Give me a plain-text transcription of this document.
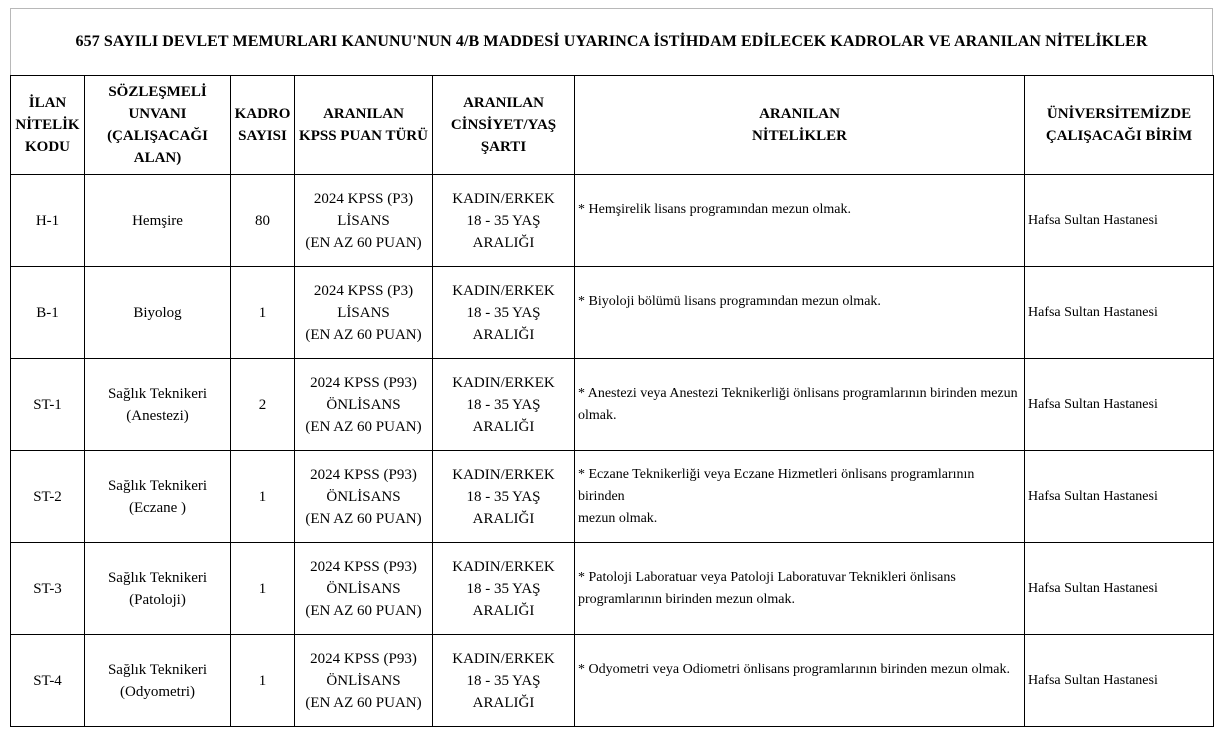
657 SAYILI DEVLET MEMURLARI KANUNU'NUN 4/B MADDESİ UYARINCA İSTİHDAM EDİLECEK KADROLAR VE ARANILAN NİTELİKLER
İLAN
NİTELİK
KODU	SÖZLEŞMELİ
UNVANI
(ÇALIŞACAĞI
ALAN)	KADRO
SAYISI	ARANILAN
KPSS PUAN TÜRÜ	ARANILAN
CİNSİYET/YAŞ
ŞARTI	ARANILAN
NİTELİKLER	ÜNİVERSİTEMİZDE
ÇALIŞACAĞI BİRİM

H-1	Hemşire	80	2024 KPSS (P3)
LİSANS
(EN AZ 60 PUAN)	KADIN/ERKEK
18 - 35 YAŞ ARALIĞI	* Hemşirelik lisans programından mezun olmak.	Hafsa Sultan Hastanesi
B-1	Biyolog	1	2024 KPSS (P3)
LİSANS
(EN AZ 60 PUAN)	KADIN/ERKEK
18 - 35 YAŞ ARALIĞI	* Biyoloji bölümü lisans programından mezun olmak.	Hafsa Sultan Hastanesi
ST-1	Sağlık Teknikeri
(Anestezi)	2	2024 KPSS (P93)
ÖNLİSANS
(EN AZ 60 PUAN)	KADIN/ERKEK
18 - 35 YAŞ ARALIĞI	* Anestezi veya Anestezi Teknikerliği önlisans programlarının birinden mezun
olmak.	Hafsa Sultan Hastanesi
ST-2	Sağlık Teknikeri
(Eczane )	1	2024 KPSS (P93)
ÖNLİSANS
(EN AZ 60 PUAN)	KADIN/ERKEK
18 - 35 YAŞ ARALIĞI	* Eczane Teknikerliği veya Eczane Hizmetleri önlisans programlarının birinden
mezun olmak.	Hafsa Sultan Hastanesi
ST-3	Sağlık Teknikeri
(Patoloji)	1	2024 KPSS (P93)
ÖNLİSANS
(EN AZ 60 PUAN)	KADIN/ERKEK
18 - 35 YAŞ ARALIĞI	* Patoloji Laboratuar veya Patoloji Laboratuvar Teknikleri önlisans
programlarının birinden mezun olmak.	Hafsa Sultan Hastanesi
ST-4	Sağlık Teknikeri
(Odyometri)	1	2024 KPSS (P93)
ÖNLİSANS
(EN AZ 60 PUAN)	KADIN/ERKEK
18 - 35 YAŞ ARALIĞI	* Odyometri veya Odiometri önlisans programlarının birinden mezun olmak.	Hafsa Sultan Hastanesi
